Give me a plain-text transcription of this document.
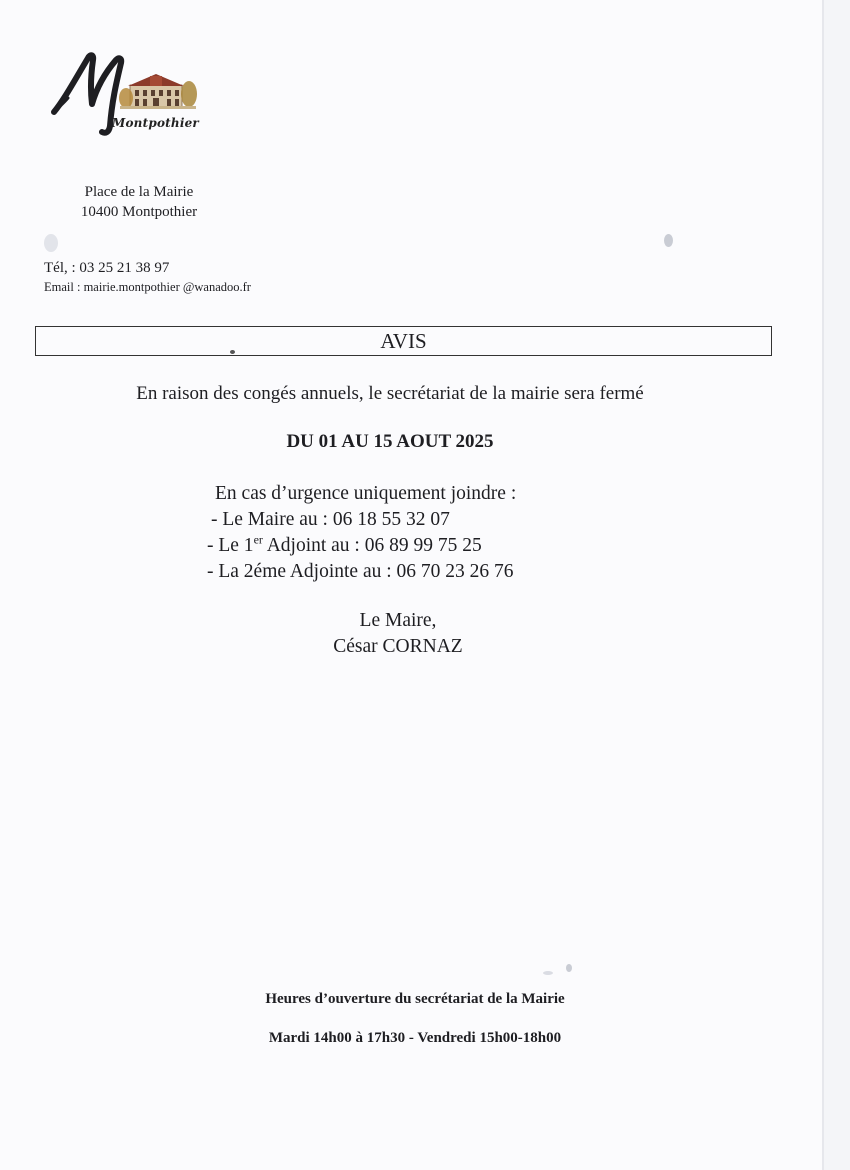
Montpothier
Place de la Mairie
10400 Montpothier
Tél, : 03 25 21 38 97
Email : mairie.montpothier @wanadoo.fr
AVIS
En raison des congés annuels, le secrétariat de la mairie sera fermé
DU 01 AU 15 AOUT 2025
En cas d’urgence uniquement joindre :
- Le Maire au : 06 18 55 32 07
- Le 1er Adjoint au : 06 89 99 75 25
- La 2éme Adjointe au : 06 70 23 26 76
Le Maire,
César CORNAZ
Heures d’ouverture du secrétariat de la Mairie
Mardi 14h00 à 17h30 - Vendredi 15h00-18h00
